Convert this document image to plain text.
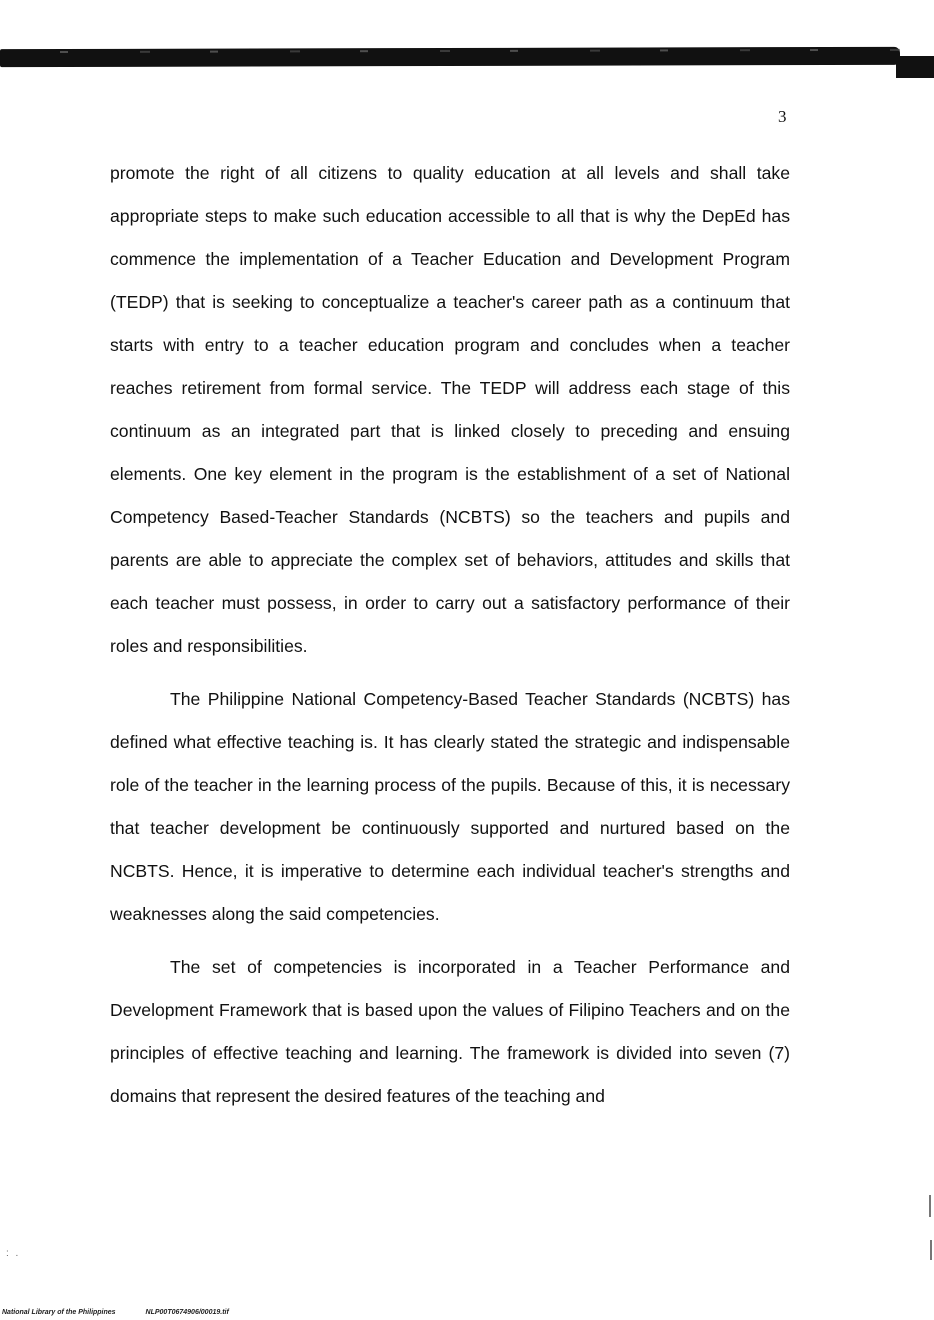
3

promote the right of all citizens to quality education at all levels and shall take appropriate steps to make such education accessible to all that is why the DepEd has commence the implementation of a Teacher Education and Development Program (TEDP) that is seeking to conceptualize a teacher's career path as a continuum that starts with entry to a teacher education program and concludes when a teacher reaches retirement from formal service. The TEDP will address each stage of this continuum as an integrated part that is linked closely to preceding and ensuing elements. One key element in the program is the establishment of a set of National Competency Based-Teacher Standards (NCBTS) so the teachers and pupils and parents are able to appreciate the complex set of behaviors, attitudes and skills that each teacher must possess, in order to carry out a satisfactory performance of their roles and responsibilities.

The Philippine National Competency-Based Teacher Standards (NCBTS) has defined what effective teaching is. It has clearly stated the strategic and indispensable role of the teacher in the learning process of the pupils. Because of this, it is necessary that teacher development be continuously supported and nurtured based on the NCBTS. Hence, it is imperative to determine each individual teacher's strengths and weaknesses along the said competencies.

The set of competencies is incorporated in a Teacher Performance and Development Framework that is based upon the values of Filipino Teachers and on the principles of effective teaching and learning. The framework is divided into seven (7) domains that represent the desired features of the teaching and

: .
National Library of the Philippines	NLP00T0674906/00019.tif
